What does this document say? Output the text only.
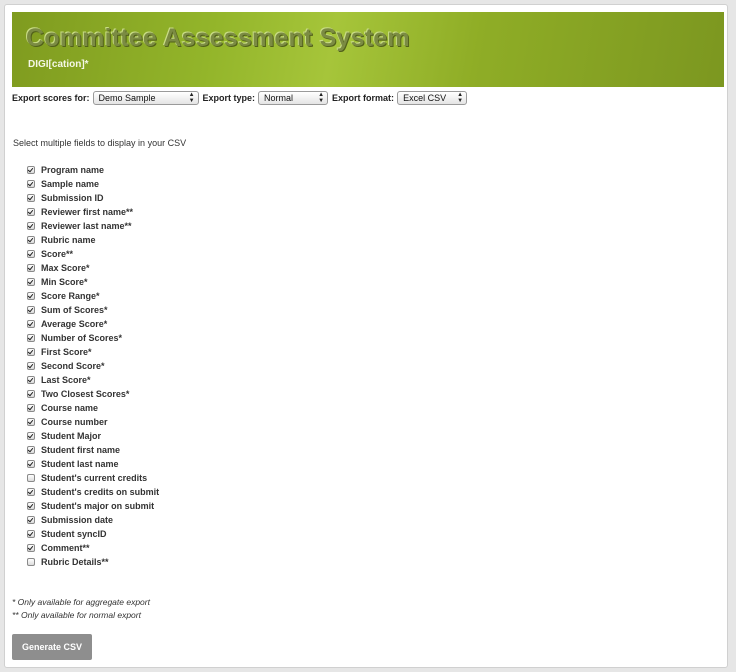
Committee Assessment System
DIGI[cation]*
Export scores for: Demo Sample	▲
▼ Export type: Normal	▲
▼ Export format: Excel CSV ▲
▼
Select multiple fields to display in your CSV
Program name
Sample name
Submission ID
Reviewer first name**
Reviewer last name**
Rubric name
Score**
Max Score*
Min Score*
Score Range*
Sum of Scores*
Average Score*
Number of Scores*
First Score*
Second Score*
Last Score*
Two Closest Scores*
Course name
Course number
Student Major
Student first name
Student last name
Student's current credits
Student's credits on submit
Student's major on submit
Submission date
Student syncID
Comment**
Rubric Details**
* Only available for aggregate export
** Only available for normal export
Generate CSV
